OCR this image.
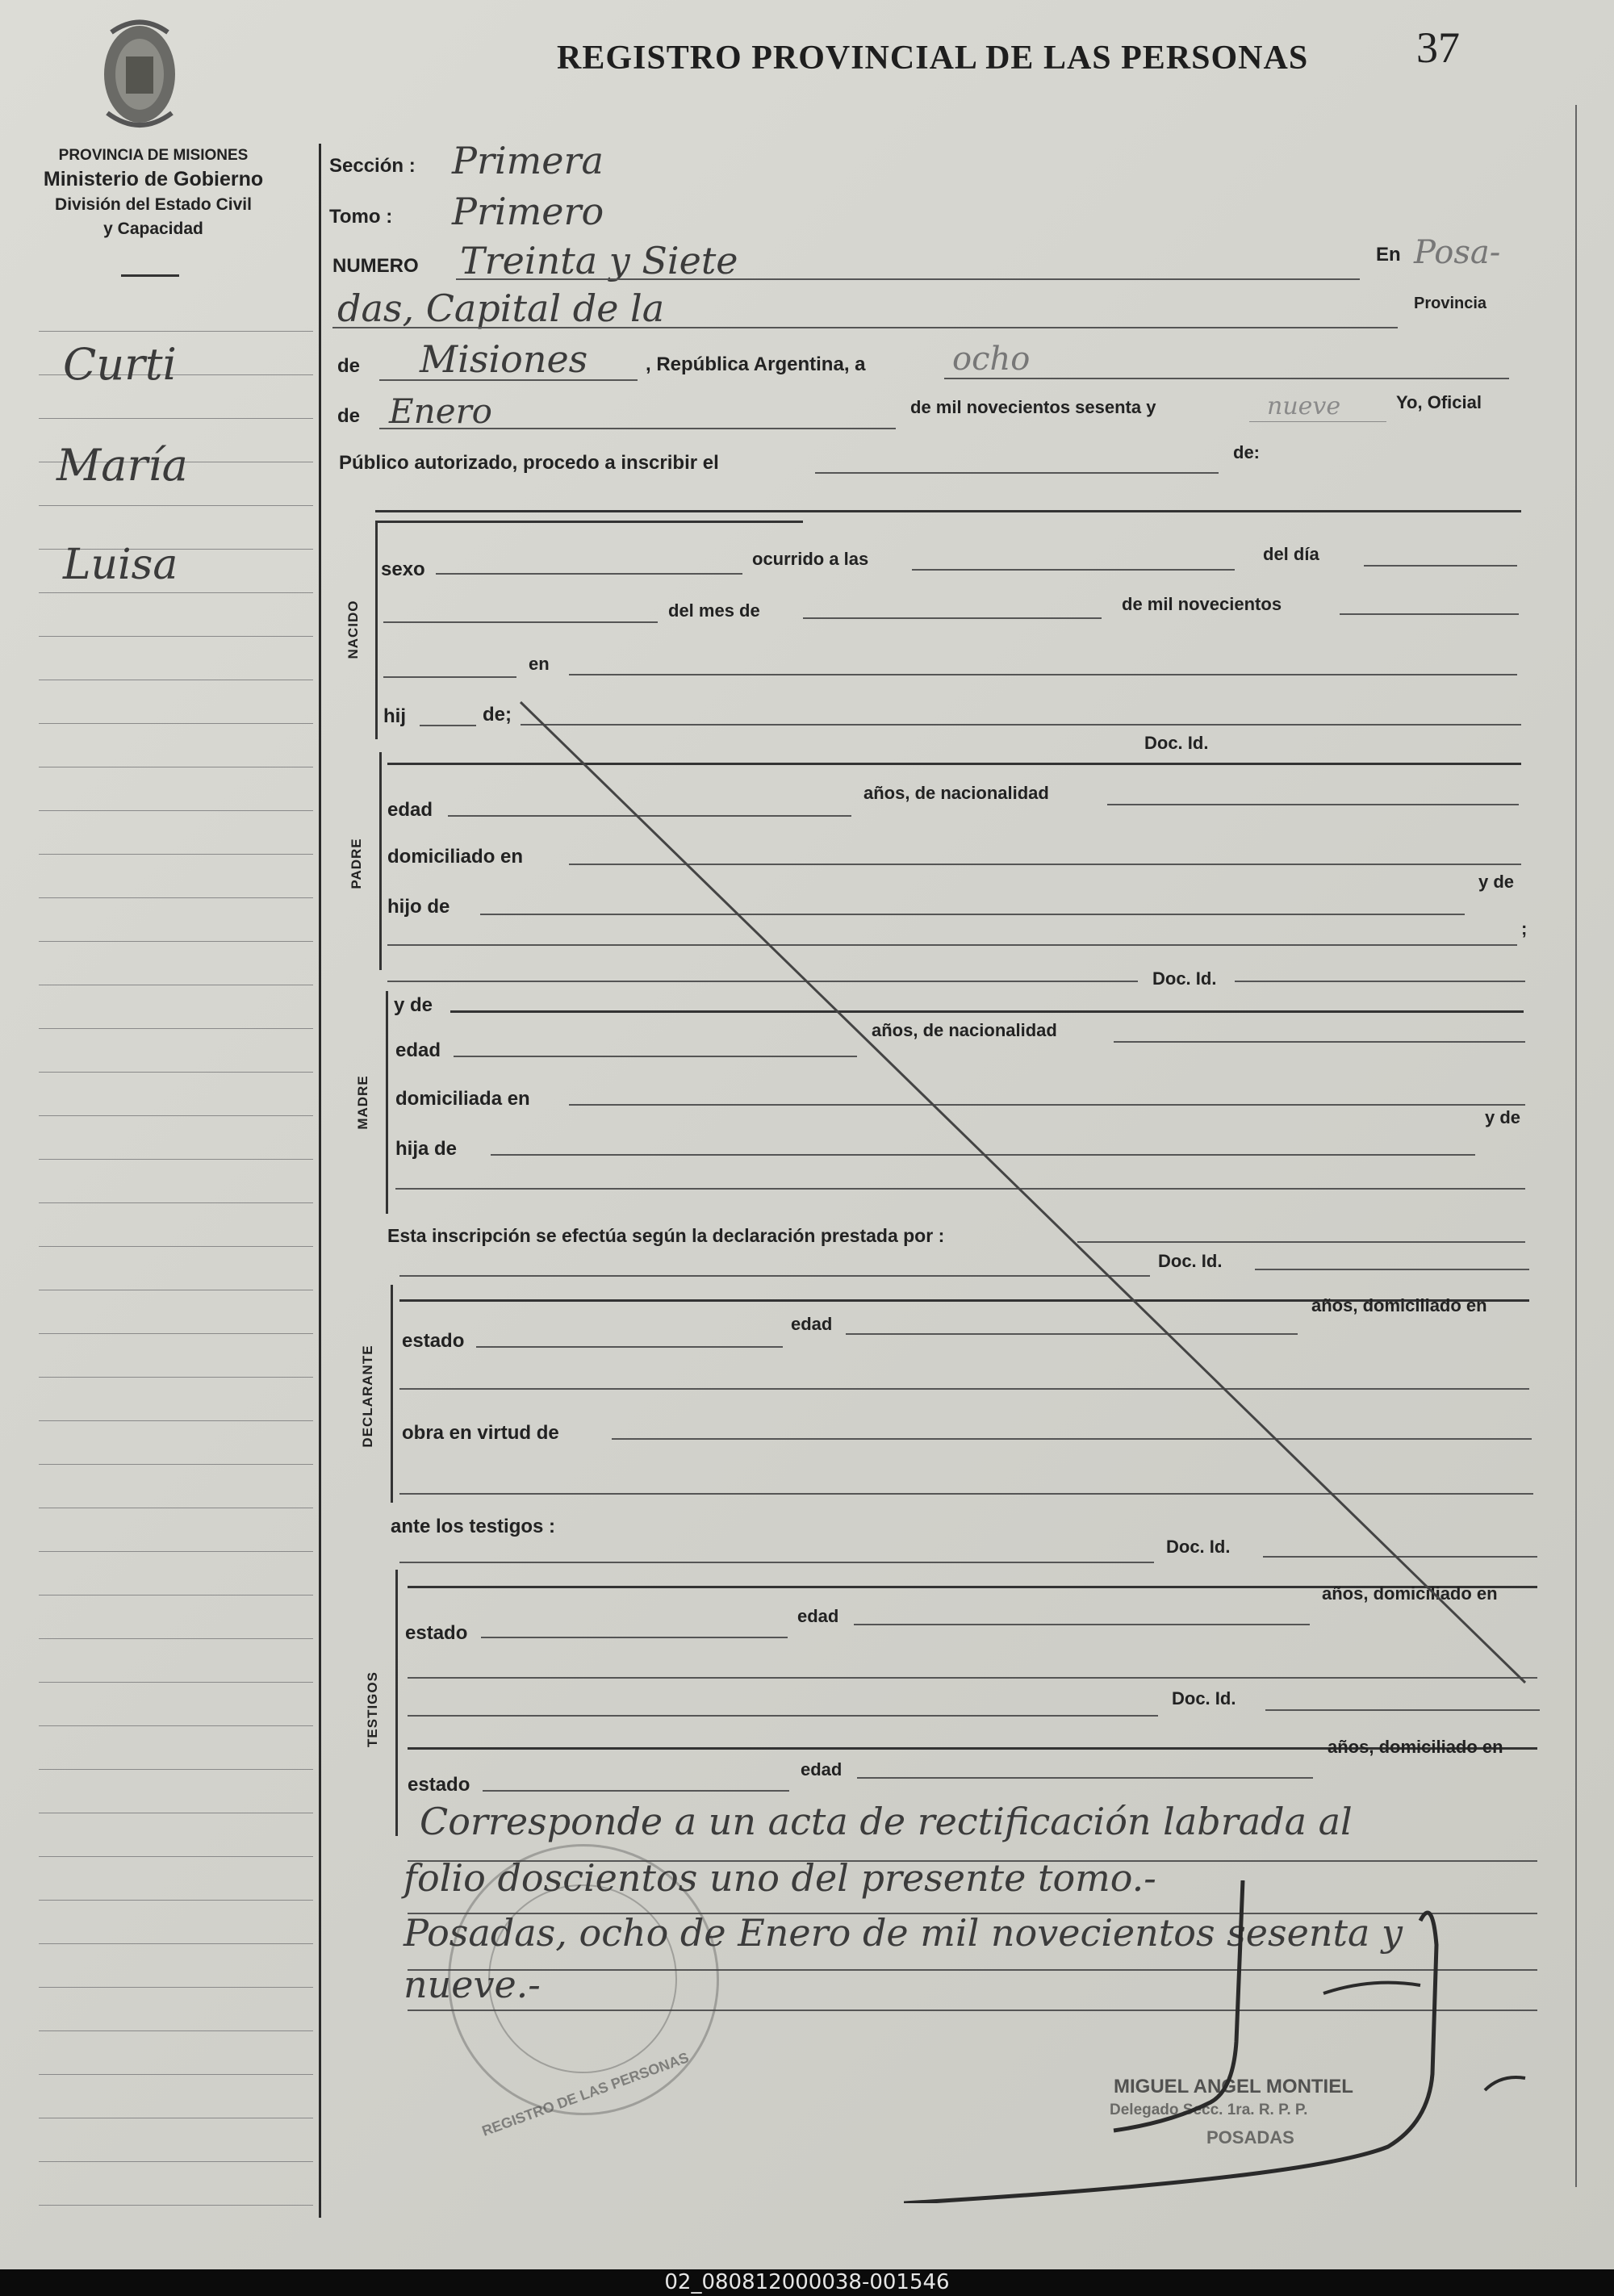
PROVINCIA DE MISIONES
Ministerio de Gobierno
División del Estado Civil
y Capacidad
REGISTRO PROVINCIAL DE LAS PERSONAS 37
Curti
María
Luisa
Sección : Primera
Tomo : Primero
NUMERO Treinta y Siete	En Posa-
das, Capital de la	Provincia
de Misiones	, República Argentina, a	ocho
de Enero	de mil novecientos sesenta y	nueve	Yo, Oficial
Público autorizado, procedo a inscribir el	de:
NACIDO
sexo	ocurrido a las	del día
del mes de	de mil novecientos
en
hij	de;
Doc. Id.
PADRE
edad
años, de nacionalidad
domiciliado en
hijo de
y de
;
Doc. Id.
MADRE
y de
edad
años, de nacionalidad
domiciliada en
hija de
y de
Esta inscripción se efectúa según la declaración prestada por :
Doc. Id.
DECLARANTE
años, domiciliado en
estado
edad
obra en virtud de
ante los testigos :
Doc. Id.
TESTIGOS
años, domiciliado en
estado
edad
Doc. Id.
años, domiciliado en
estado
edad
REGISTRO DE LAS PERSONAS
Corresponde a un acta de rectificación labrada al
folio doscientos uno del presente tomo.-
Posadas, ocho de Enero de mil novecientos sesenta y
nueve.-
MIGUEL ANGEL MONTIEL
Delegado Secc. 1ra. R. P. P.
POSADAS
02_080812000038-001546
